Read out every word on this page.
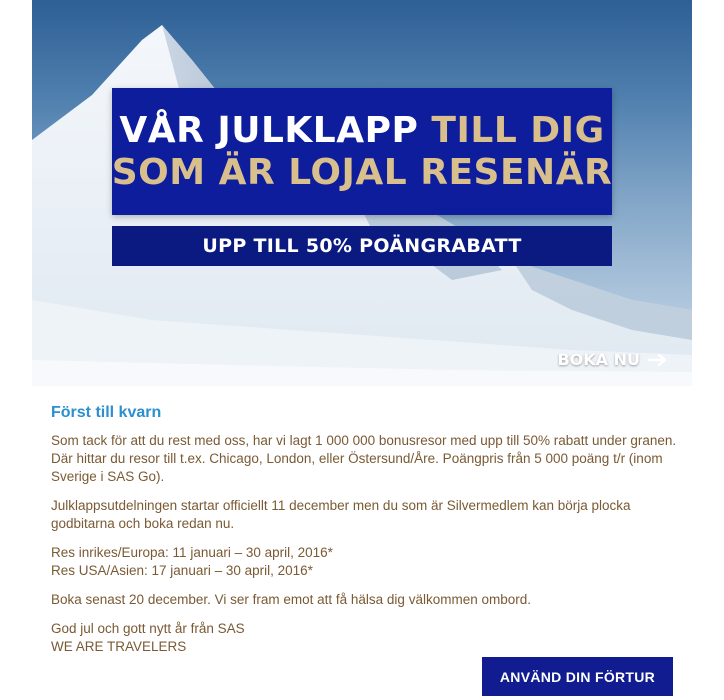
VÅR JULKLAPP TILL DIG
SOM ÄR LOJAL RESENÄR
UPP TILL 50% POÄNGRABATT
BOKA NU
Först till kvarn

Som tack för att du rest med oss, har vi lagt 1 000 000 bonusresor med upp till 50% rabatt under granen. Där hittar du resor till t.ex. Chicago, London, eller Östersund/Åre. Poängpris från 5 000 poäng t/r (inom Sverige i SAS Go).

Julklappsutdelningen startar officiellt 11 december men du som är Silvermedlem kan börja plocka godbitarna och boka redan nu.

Res inrikes/Europa: 11 januari – 30 april, 2016*
Res USA/Asien: 17 januari – 30 april, 2016*

Boka senast 20 december. Vi ser fram emot att få hälsa dig välkommen ombord.

God jul och gott nytt år från SAS
WE ARE TRAVELERS

ANVÄND DIN FÖRTUR
